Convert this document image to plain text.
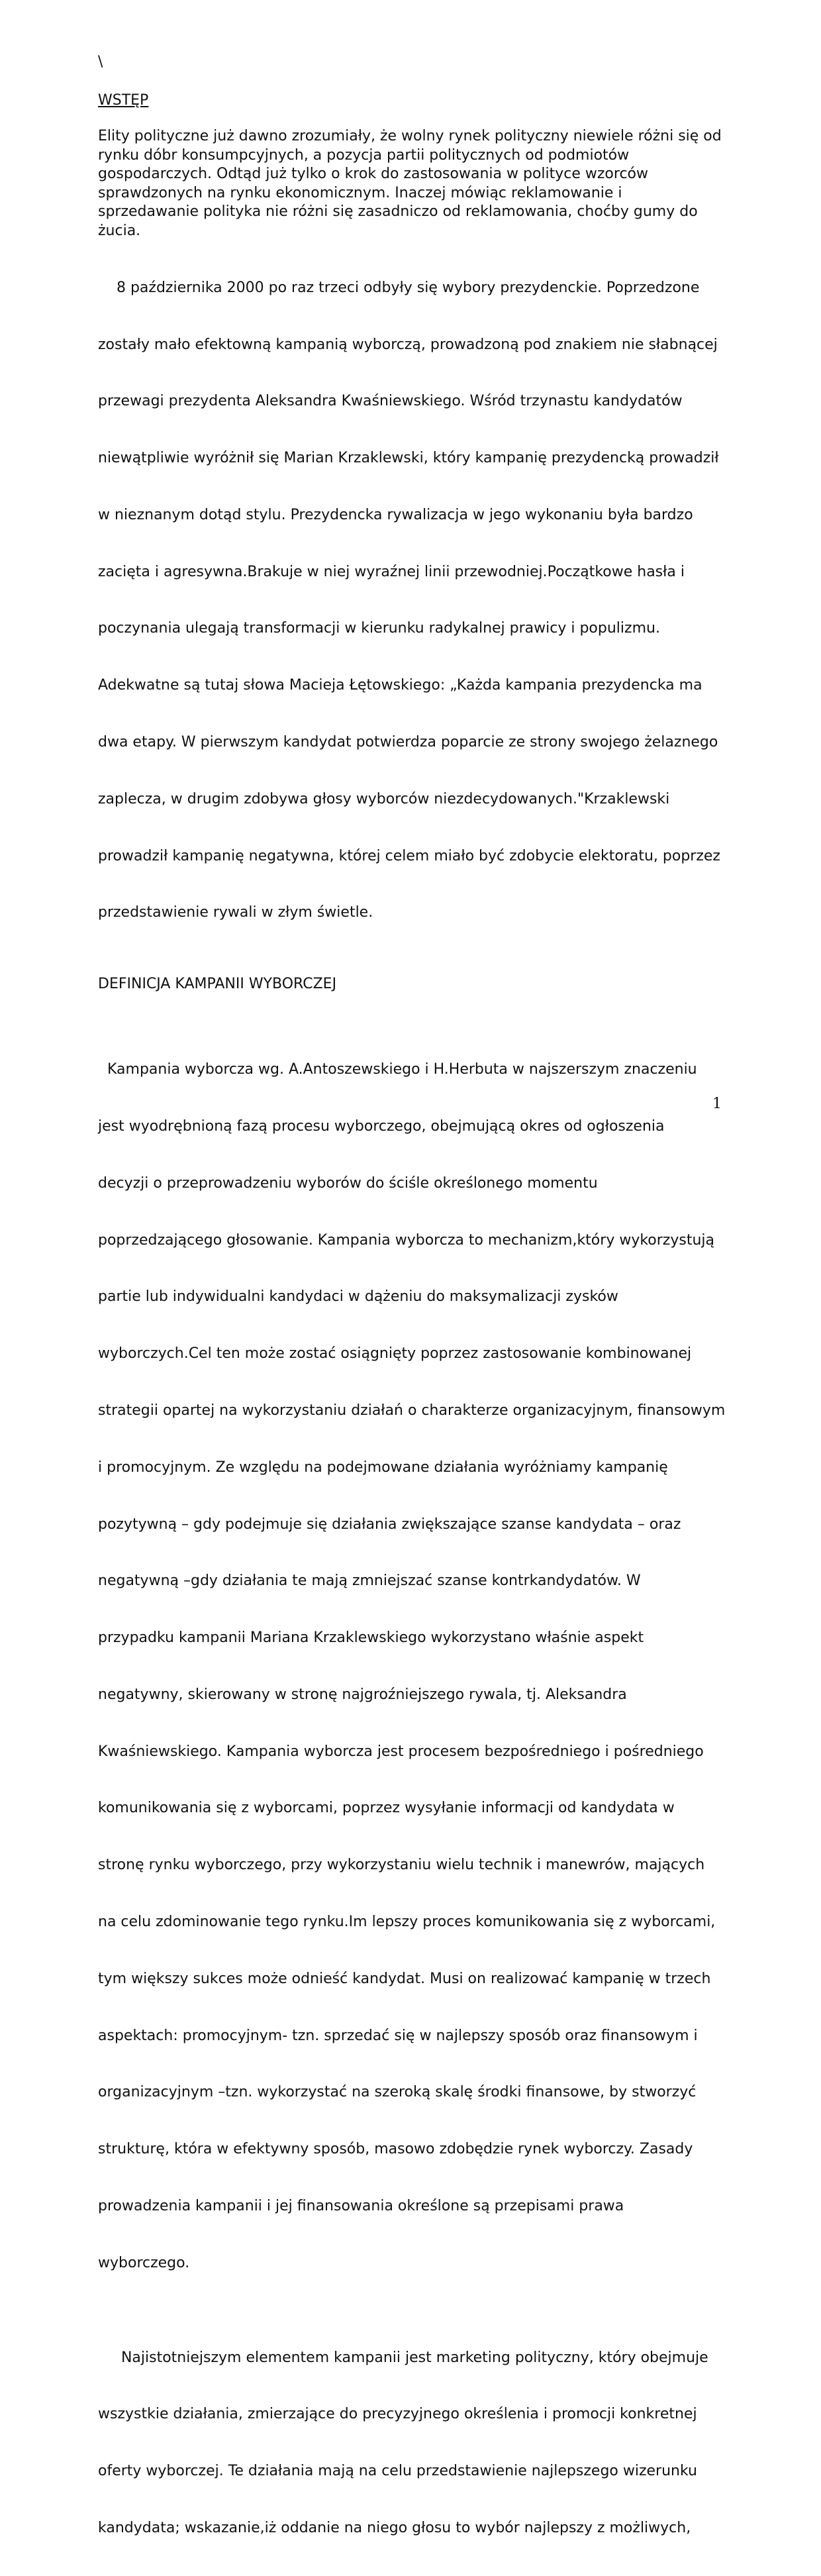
\
WSTĘP
Elity polityczne już dawno zrozumiały, że wolny rynek polityczny niewiele różni się od
rynku dóbr konsumpcyjnych, a pozycja partii politycznych od podmiotów
gospodarczych. Odtąd już tylko o krok do zastosowania w polityce wzorców
sprawdzonych na rynku ekonomicznym. Inaczej mówiąc reklamowanie i
sprzedawanie polityka nie różni się zasadniczo od reklamowania, choćby gumy do
żucia.

8 października 2000 po raz trzeci odbyły się wybory prezydenckie. Poprzedzone

zostały mało efektowną kampanią wyborczą, prowadzoną pod znakiem nie słabnącej

przewagi prezydenta Aleksandra Kwaśniewskiego. Wśród trzynastu kandydatów

niewątpliwie wyróżnił się Marian Krzaklewski, który kampanię prezydencką prowadził

w nieznanym dotąd stylu. Prezydencka rywalizacja w jego wykonaniu była bardzo

zacięta i agresywna.Brakuje w niej wyraźnej linii przewodniej.Początkowe hasła i

poczynania ulegają transformacji w kierunku radykalnej prawicy i populizmu.

Adekwatne są tutaj słowa Macieja Łętowskiego: „Każda kampania prezydencka ma

dwa etapy. W pierwszym kandydat potwierdza poparcie ze strony swojego żelaznego

zaplecza, w drugim zdobywa głosy wyborców niezdecydowanych."Krzaklewski

prowadził kampanię negatywna, której celem miało być zdobycie elektoratu, poprzez

przedstawienie rywali w złym świetle.

DEFINICJA KAMPANII WYBORCZEJ

Kampania wyborcza wg. A.Antoszewskiego i H.Herbuta w najszerszym znaczeniu

jest wyodrębnioną fazą procesu wyborczego, obejmującą okres od ogłoszenia

decyzji o przeprowadzeniu wyborów do ściśle określonego momentu

poprzedzającego głosowanie. Kampania wyborcza to mechanizm,który wykorzystują

partie lub indywidualni kandydaci w dążeniu do maksymalizacji zysków

wyborczych.Cel ten może zostać osiągnięty poprzez zastosowanie kombinowanej

strategii opartej na wykorzystaniu działań o charakterze organizacyjnym, finansowym

i promocyjnym. Ze względu na podejmowane działania wyróżniamy kampanię

pozytywną – gdy podejmuje się działania zwiększające szanse kandydata – oraz

negatywną –gdy działania te mają zmniejszać szanse kontrkandydatów. W

przypadku kampanii Mariana Krzaklewskiego wykorzystano właśnie aspekt

negatywny, skierowany w stronę najgroźniejszego rywala, tj. Aleksandra

Kwaśniewskiego. Kampania wyborcza jest procesem bezpośredniego i pośredniego

komunikowania się z wyborcami, poprzez wysyłanie informacji od kandydata w

stronę rynku wyborczego, przy wykorzystaniu wielu technik i manewrów, mających

na celu zdominowanie tego rynku.Im lepszy proces komunikowania się z wyborcami,

tym większy sukces może odnieść kandydat. Musi on realizować kampanię w trzech

aspektach: promocyjnym- tzn. sprzedać się w najlepszy sposób oraz finansowym i

organizacyjnym –tzn. wykorzystać na szeroką skalę środki finansowe, by stworzyć

strukturę, która w efektywny sposób, masowo zdobędzie rynek wyborczy. Zasady

prowadzenia kampanii i jej finansowania określone są przepisami prawa

wyborczego.

Najistotniejszym elementem kampanii jest marketing polityczny, który obejmuje

wszystkie działania, zmierzające do precyzyjnego określenia i promocji konkretnej

oferty wyborczej. Te działania mają na celu przedstawienie najlepszego wizerunku

kandydata; wskazanie,iż oddanie na niego głosu to wybór najlepszy z możliwych,

1
